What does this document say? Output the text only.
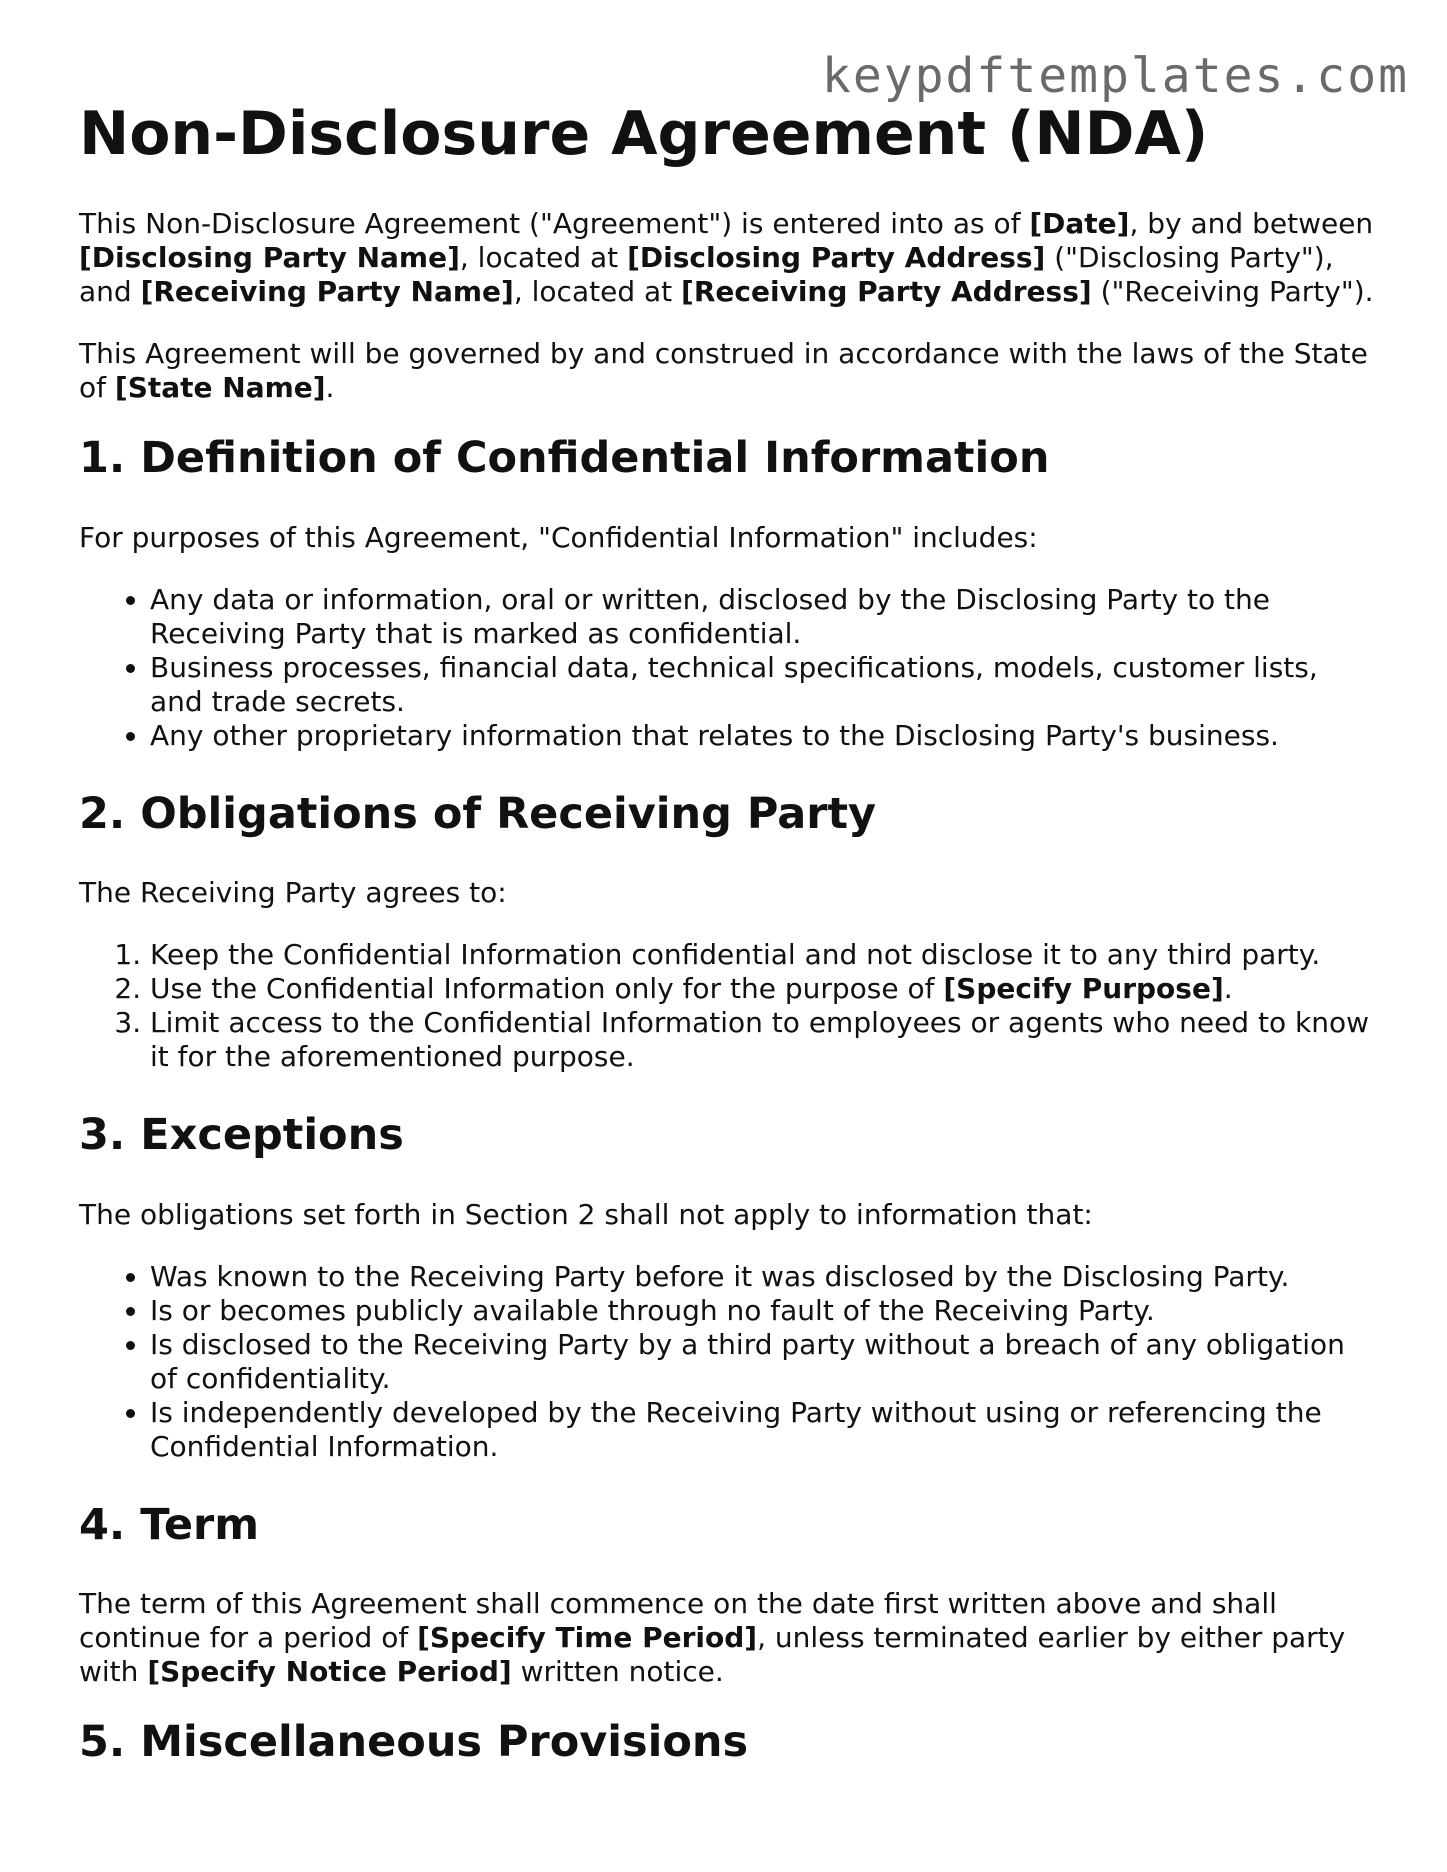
keypdftemplates.com
Non-Disclosure Agreement (NDA)

This Non-Disclosure Agreement ("Agreement") is entered into as of [Date], by and between [Disclosing Party Name], located at [Disclosing Party Address] ("Disclosing Party"), and [Receiving Party Name], located at [Receiving Party Address] ("Receiving Party").

This Agreement will be governed by and construed in accordance with the laws of the State of [State Name].

1. Definition of Confidential Information

For purposes of this Agreement, "Confidential Information" includes:

• Any data or information, oral or written, disclosed by the Disclosing Party to the Receiving Party that is marked as confidential.
• Business processes, financial data, technical specifications, models, customer lists, and trade secrets.
• Any other proprietary information that relates to the Disclosing Party's business.
2. Obligations of Receiving Party

The Receiving Party agrees to:

1. Keep the Confidential Information confidential and not disclose it to any third party.
2. Use the Confidential Information only for the purpose of [Specify Purpose].
3. Limit access to the Confidential Information to employees or agents who need to know it for the aforementioned purpose.
3. Exceptions

The obligations set forth in Section 2 shall not apply to information that:

• Was known to the Receiving Party before it was disclosed by the Disclosing Party.
• Is or becomes publicly available through no fault of the Receiving Party.
• Is disclosed to the Receiving Party by a third party without a breach of any obligation of confidentiality.
• Is independently developed by the Receiving Party without using or referencing the Confidential Information.
4. Term

The term of this Agreement shall commence on the date first written above and shall continue for a period of [Specify Time Period], unless terminated earlier by either party with [Specify Notice Period] written notice.

5. Miscellaneous Provisions
